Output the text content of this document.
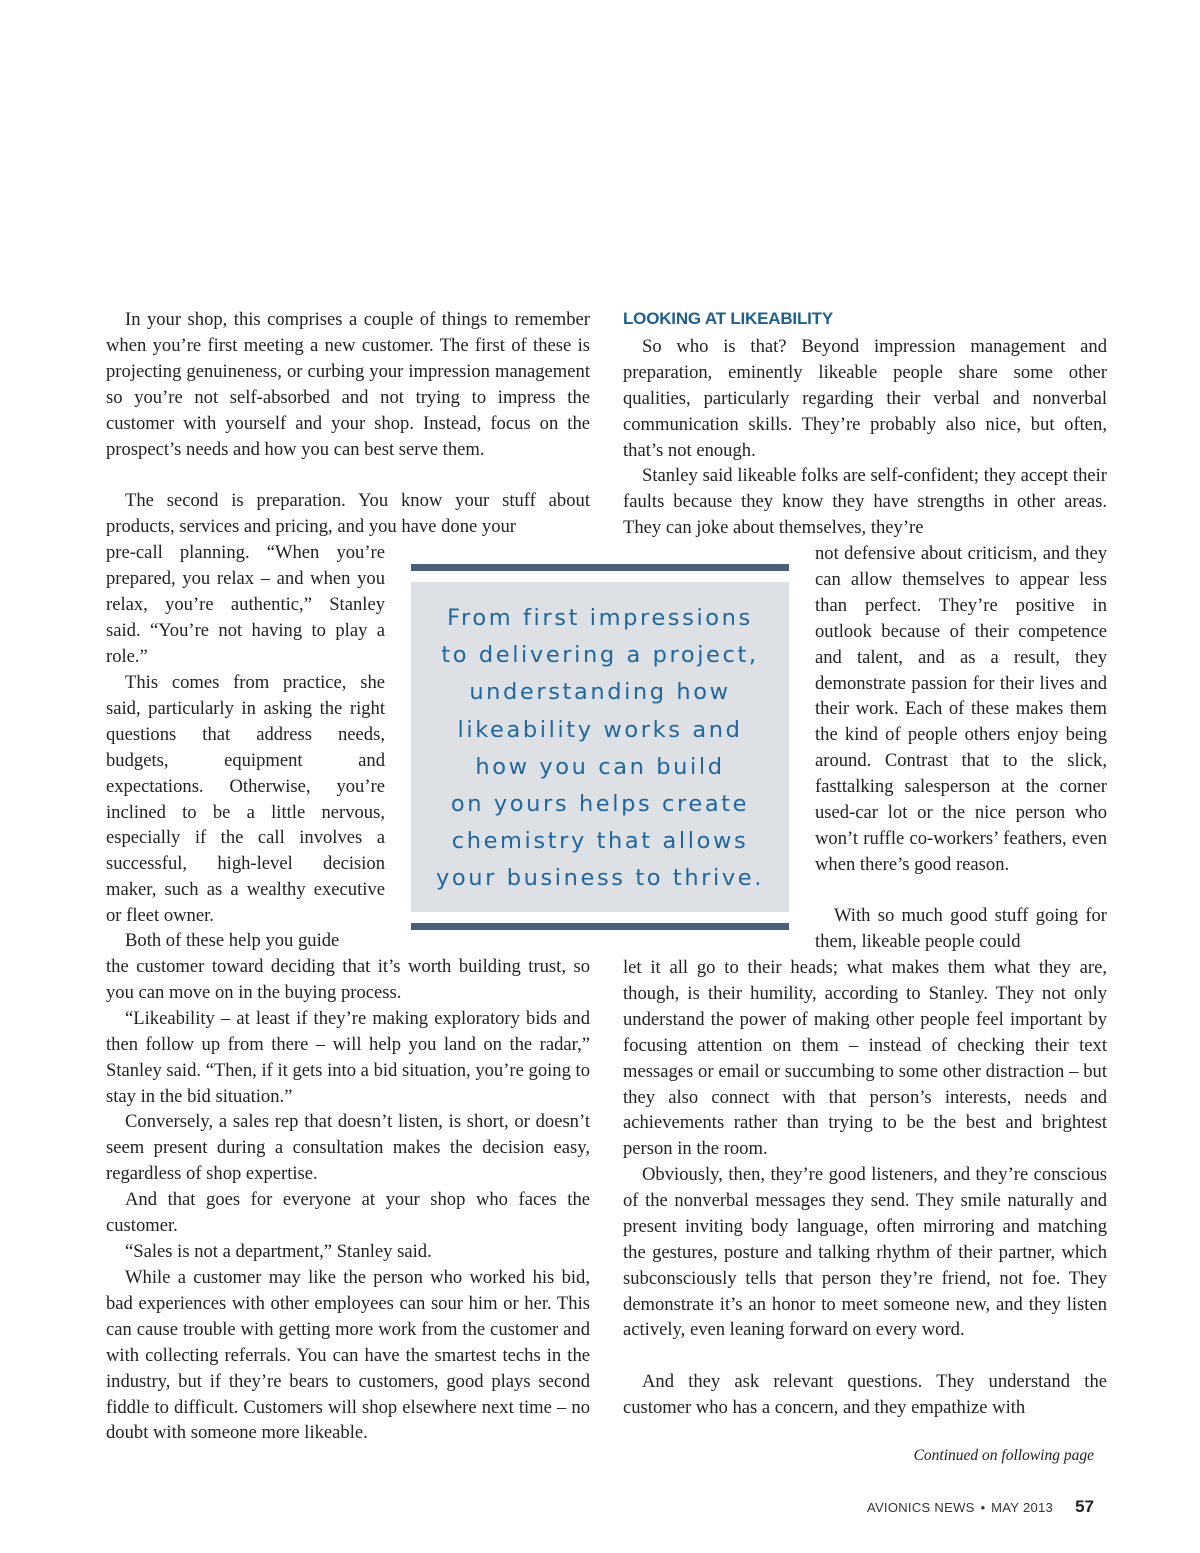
In your shop, this comprises a couple of things to remember when you’re first meeting a new customer. The first of these is projecting genuineness, or curbing your impression management so you’re not self-absorbed and not trying to impress the customer with yourself and your shop. Instead, focus on the prospect’s needs and how you can best serve them.

The second is preparation. You know your stuff about products, services and pricing, and you have done your

pre-call planning. “When you’re prepared, you relax – and when you relax, you’re authentic,” Stanley said. “You’re not having to play a role.”

This comes from practice, she said, particularly in asking the right questions that address needs, budgets, equipment and expectations. Otherwise, you’re inclined to be a little nervous, especially if the call involves a successful, high-level decision maker, such as a wealthy executive or fleet owner.

Both of these help you guide

the customer toward deciding that it’s worth building trust, so you can move on in the buying process.

“Likeability – at least if they’re making exploratory bids and then follow up from there – will help you land on the radar,” Stanley said. “Then, if it gets into a bid situation, you’re going to stay in the bid situation.”

Conversely, a sales rep that doesn’t listen, is short, or doesn’t seem present during a consultation makes the decision easy, regardless of shop expertise.

And that goes for everyone at your shop who faces the customer.

“Sales is not a department,” Stanley said.

While a customer may like the person who worked his bid, bad experiences with other employees can sour him or her. This can cause trouble with getting more work from the customer and with collecting referrals. You can have the smartest techs in the industry, but if they’re bears to customers, good plays second fiddle to difficult. Customers will shop elsewhere next time – no doubt with someone more likeable.

LOOKING AT LIKEABILITY

So who is that? Beyond impression management and preparation, eminently likeable people share some other qualities, particularly regarding their verbal and nonverbal communication skills. They’re probably also nice, but often, that’s not enough.

Stanley said likeable folks are self-confident; they accept their faults because they know they have strengths in other areas. They can joke about themselves, they’re

not defensive about criticism, and they can allow themselves to appear less than perfect. They’re positive in outlook because of their competence and talent, and as a result, they demonstrate passion for their lives and their work. Each of these makes them the kind of people others enjoy being around. Contrast that to the slick, fasttalking salesperson at the corner used-car lot or the nice person who won’t ruffle co-workers’ feathers, even when there’s good reason.

With so much good stuff going for them, likeable people could

let it all go to their heads; what makes them what they are, though, is their humility, according to Stanley. They not only understand the power of making other people feel important by focusing attention on them – instead of checking their text messages or email or succumbing to some other distraction – but they also connect with that person’s interests, needs and achievements rather than trying to be the best and brightest person in the room.

Obviously, then, they’re good listeners, and they’re conscious of the nonverbal messages they send. They smile naturally and present inviting body language, often mirroring and matching the gestures, posture and talking rhythm of their partner, which subconsciously tells that person they’re friend, not foe. They demonstrate it’s an honor to meet someone new, and they listen actively, even leaning forward on every word.

And they ask relevant questions. They understand the customer who has a concern, and they empathize with

From first impressions
to delivering a project,
understanding how
likeability works and
how you can build
on yours helps create
chemistry that allows
your business to thrive.

Continued on following page

AVIONICS NEWS • MAY 2013 57
